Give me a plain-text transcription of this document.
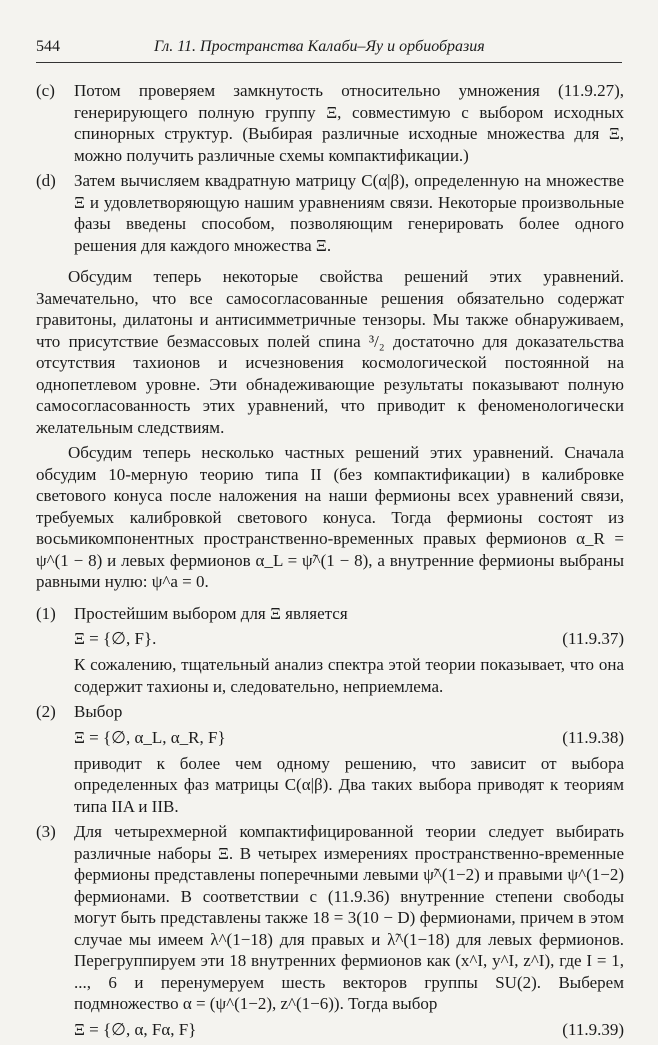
544	Гл. 11. Пространства Калаби–Яу и орбиобразия

(c) Потом проверяем замкнутость относительно умножения (11.9.27), генерирующего полную группу Ξ, совместимую с выбором исходных спинорных структур. (Выбирая различные исходные множества для Ξ, можно получить различные схемы компактификации.)

(d) Затем вычисляем квадратную матрицу C(α|β), определенную на множестве Ξ и удовлетворяющую нашим уравнениям связи. Некоторые произвольные фазы введены способом, позволяющим генерировать более одного решения для каждого множества Ξ.

Обсудим теперь некоторые свойства решений этих уравнений. Замечательно, что все самосогласованные решения обязательно содержат гравитоны, дилатоны и антисимметричные тензоры. Мы также обнаруживаем, что присутствие безмассовых полей спина ³/₂ достаточно для доказательства отсутствия тахионов и исчезновения космологической постоянной на однопетлевом уровне. Эти обнадеживающие результаты показывают полную самосогласованность этих уравнений, что приводит к феноменологически желательным следствиям.

Обсудим теперь несколько частных решений этих уравнений. Сначала обсудим 10-мерную теорию типа II (без компактификации) в калибровке светового конуса после наложения на наши фермионы всех уравнений связи, требуемых калибровкой светового конуса. Тогда фермионы состоят из восьмикомпонентных пространственно-временных правых фермионов α_R = ψ^(1 − 8) и левых фермионов α_L = ψ̃^(1 − 8), а внутренние фермионы выбраны равными нулю: ψ^a = 0.

(1) Простейшим выбором для Ξ является

Ξ = {∅, F}.	(11.9.37)

К сожалению, тщательный анализ спектра этой теории показывает, что она содержит тахионы и, следовательно, неприемлема.

(2) Выбор

Ξ = {∅, α_L, α_R, F}	(11.9.38)

приводит к более чем одному решению, что зависит от выбора определенных фаз матрицы C(α|β). Два таких выбора приводят к теориям типа IIA и IIB.

(3) Для четырехмерной компактифицированной теории следует выбирать различные наборы Ξ. В четырех измерениях пространственно-временные фермионы представлены поперечными левыми ψ̃^(1−2) и правыми ψ^(1−2) фермионами. В соответствии с (11.9.36) внутренние степени свободы могут быть представлены также 18 = 3(10 − D) фермионами, причем в этом случае мы имеем λ^(1−18) для правых и λ̃^(1−18) для левых фермионов. Перегруппируем эти 18 внутренних фермионов как (x^I, y^I, z^I), где I = 1, ..., 6 и перенумеруем шесть векторов группы SU(2). Выберем подмножество α = (ψ^(1−2), z^(1−6)). Тогда выбор

Ξ = {∅, α, Fα, F}	(11.9.39)
